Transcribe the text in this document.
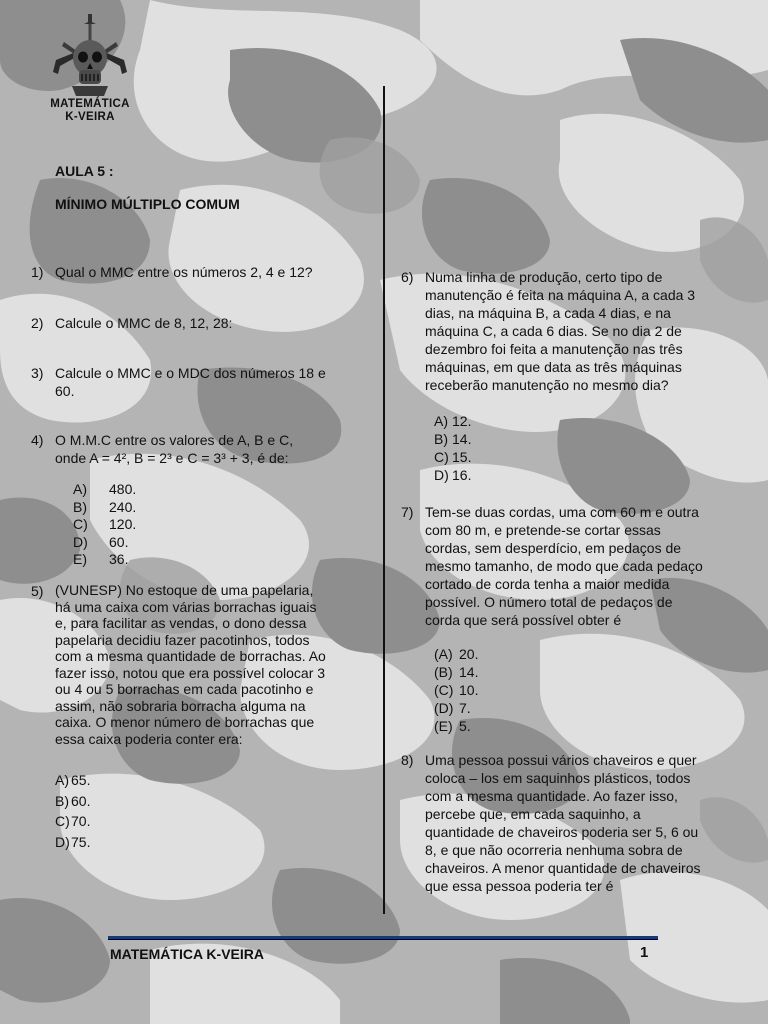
MATEMÁTICA
K-VEIRA
AULA 5 :
MÍNIMO MÚLTIPLO COMUM
1) Qual o MMC entre os números 2, 4 e 12?
2) Calcule o MMC de 8, 12, 28:
3) Calcule o MMC e o MDC dos números 18 e
60.
4) O M.M.C entre os valores de A, B e C,
onde A = 4², B = 2³ e C = 3³ + 3, é de:
A) 480.
B) 240.
C) 120.
D) 60.
E) 36.
5) (VUNESP) No estoque de uma papelaria,
há uma caixa com várias borrachas iguais
e, para facilitar as vendas, o dono dessa
papelaria decidiu fazer pacotinhos, todos
com a mesma quantidade de borrachas. Ao
fazer isso, notou que era possível colocar 3
ou 4 ou 5 borrachas em cada pacotinho e
assim, não sobraria borracha alguma na
caixa. O menor número de borrachas que
essa caixa poderia conter era:
A) 65.
B) 60.
C)70.
D)75.
6) Numa linha de produção, certo tipo de
manutenção é feita na máquina A, a cada 3
dias, na máquina B, a cada 4 dias, e na
máquina C, a cada 6 dias. Se no dia 2 de
dezembro foi feita a manutenção nas três
máquinas, em que data as três máquinas
receberão manutenção no mesmo dia?
A) 12.
B) 14.
C) 15.
D) 16.
7) Tem-se duas cordas, uma com 60 m e outra
com 80 m, e pretende-se cortar essas
cordas, sem desperdício, em pedaços de
mesmo tamanho, de modo que cada pedaço
cortado de corda tenha a maior medida
possível. O número total de pedaços de
corda que será possível obter é
(A) 20.
(B) 14.
(C) 10.
(D) 7.
(E) 5.
8) Uma pessoa possui vários chaveiros e quer
coloca – los em saquinhos plásticos, todos
com a mesma quantidade. Ao fazer isso,
percebe que, em cada saquinho, a
quantidade de chaveiros poderia ser 5, 6 ou
8, e que não ocorreria nenhuma sobra de
chaveiros. A menor quantidade de chaveiros
que essa pessoa poderia ter é
MATEMÁTICA K-VEIRA	1
